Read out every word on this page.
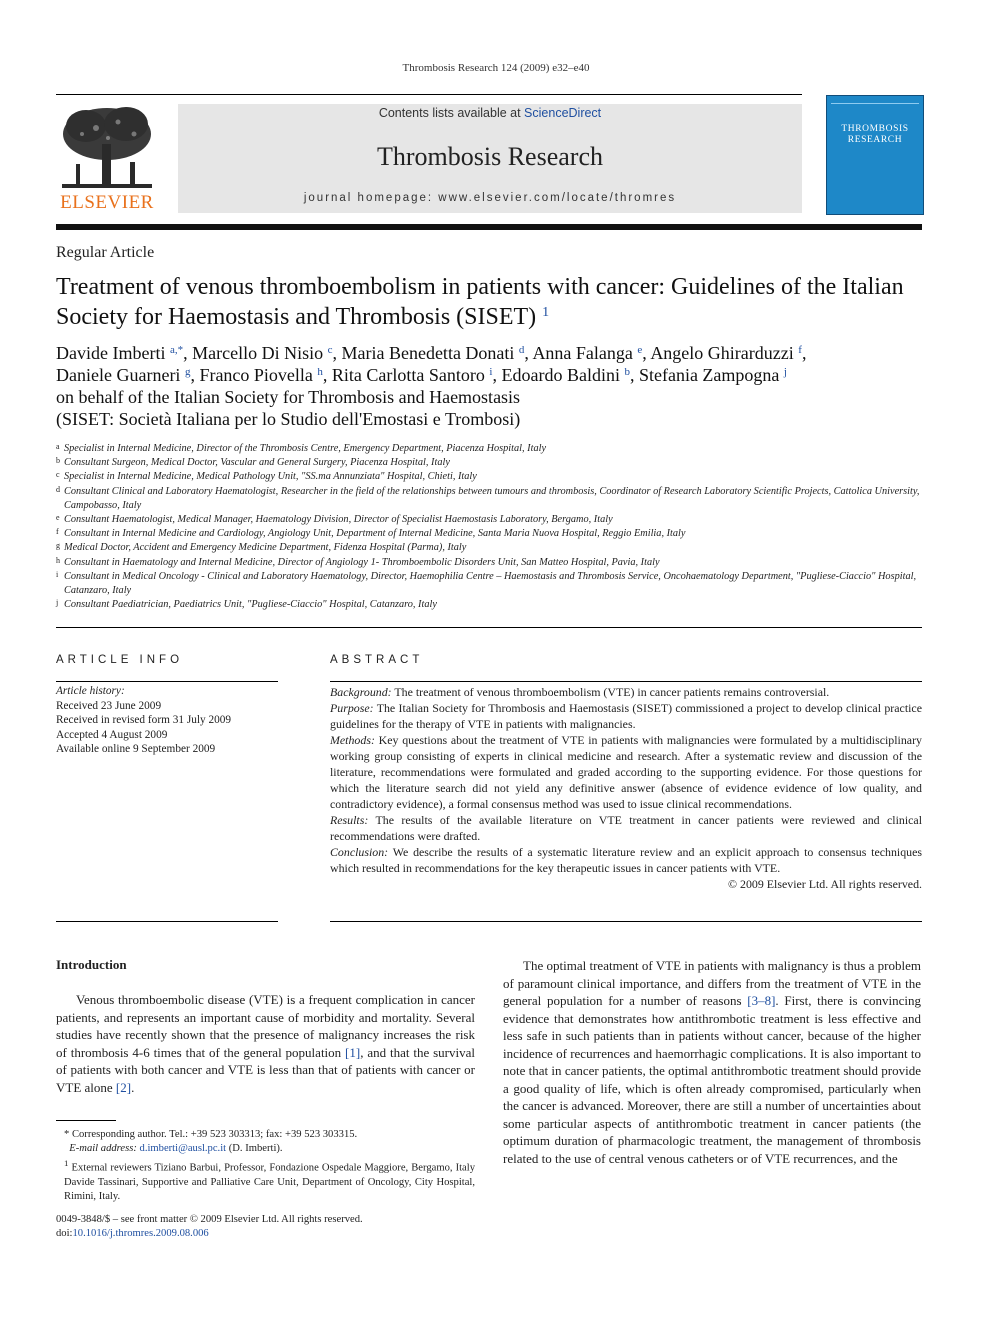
Thrombosis Research 124 (2009) e32–e40
ELSEVIER
Contents lists available at ScienceDirect
Thrombosis Research
journal homepage: www.elsevier.com/locate/thromres
THROMBOSIS
RESEARCH
Regular Article
Treatment of venous thromboembolism in patients with cancer: Guidelines of the Italian Society for Haemostasis and Thrombosis (SISET) $^1$
Davide Imberti $^{a,*}$, Marcello Di Nisio $^c$, Maria Benedetta Donati $^d$, Anna Falanga $^e$, Angelo Ghirarduzzi $^f$,
Daniele Guarneri $^g$, Franco Piovella $^h$, Rita Carlotta Santoro $^i$, Edoardo Baldini $^b$, Stefania Zampogna $^j$
on behalf of the Italian Society for Thrombosis and Haemostasis
(SISET: Società Italiana per lo Studio dell'Emostasi e Trombosi)
a Specialist in Internal Medicine, Director of the Thrombosis Centre, Emergency Department, Piacenza Hospital, Italy
b Consultant Surgeon, Medical Doctor, Vascular and General Surgery, Piacenza Hospital, Italy
c Specialist in Internal Medicine, Medical Pathology Unit, "SS.ma Annunziata" Hospital, Chieti, Italy
d Consultant Clinical and Laboratory Haematologist, Researcher in the field of the relationships between tumours and thrombosis, Coordinator of Research Laboratory Scientific Projects, Cattolica University, Campobasso, Italy
e Consultant Haematologist, Medical Manager, Haematology Division, Director of Specialist Haemostasis Laboratory, Bergamo, Italy
f Consultant in Internal Medicine and Cardiology, Angiology Unit, Department of Internal Medicine, Santa Maria Nuova Hospital, Reggio Emilia, Italy
g Medical Doctor, Accident and Emergency Medicine Department, Fidenza Hospital (Parma), Italy
h Consultant in Haematology and Internal Medicine, Director of Angiology 1- Thromboembolic Disorders Unit, San Matteo Hospital, Pavia, Italy
i Consultant in Medical Oncology - Clinical and Laboratory Haematology, Director, Haemophilia Centre – Haemostasis and Thrombosis Service, Oncohaematology Department, "Pugliese-Ciaccio" Hospital, Catanzaro, Italy
j Consultant Paediatrician, Paediatrics Unit, "Pugliese-Ciaccio" Hospital, Catanzaro, Italy
ARTICLE INFO
Article history:
Received 23 June 2009
Received in revised form 31 July 2009
Accepted 4 August 2009
Available online 9 September 2009
ABSTRACT

Background: The treatment of venous thromboembolism (VTE) in cancer patients remains controversial.

Purpose: The Italian Society for Thrombosis and Haemostasis (SISET) commissioned a project to develop clinical practice guidelines for the therapy of VTE in patients with malignancies.

Methods: Key questions about the treatment of VTE in patients with malignancies were formulated by a multidisciplinary working group consisting of experts in clinical medicine and research. After a systematic review and discussion of the literature, recommendations were formulated and graded according to the supporting evidence. For those questions for which the literature search did not yield any definitive answer (absence of evidence evidence of low quality, and contradictory evidence), a formal consensus method was used to issue clinical recommendations.

Results: The results of the available literature on VTE treatment in cancer patients were reviewed and clinical recommendations were drafted.

Conclusion: We describe the results of a systematic literature review and an explicit approach to consensus techniques which resulted in recommendations for the key therapeutic issues in cancer patients with VTE.

© 2009 Elsevier Ltd. All rights reserved.

Introduction

Venous thromboembolic disease (VTE) is a frequent complication in cancer patients, and represents an important cause of morbidity and mortality. Several studies have recently shown that the presence of malignancy increases the risk of thrombosis 4-6 times that of the general population [1], and that the survival of patients with both cancer and VTE is less than that of patients with cancer or VTE alone [2].

The optimal treatment of VTE in patients with malignancy is thus a problem of paramount clinical importance, and differs from the treatment of VTE in the general population for a number of reasons [3–8]. First, there is convincing evidence that demonstrates how antithrombotic treatment is less effective and less safe in such patients than in patients without cancer, because of the higher incidence of recurrences and haemorrhagic complications. It is also important to note that in cancer patients, the optimal antithrombotic treatment should provide a good quality of life, which is often already compromised, particularly when the cancer is advanced. Moreover, there are still a number of uncertainties about some particular aspects of antithrombotic treatment in cancer patients (the optimum duration of pharmacologic treatment, the management of thrombosis related to the use of central venous catheters or of VTE recurrences, and the

* Corresponding author. Tel.: +39 523 303313; fax: +39 523 303315.

E-mail address: d.imberti@ausl.pc.it (D. Imberti).

$^1$ External reviewers Tiziano Barbui, Professor, Fondazione Ospedale Maggiore, Bergamo, Italy Davide Tassinari, Supportive and Palliative Care Unit, Department of Oncology, City Hospital, Rimini, Italy.

0049-3848/$ – see front matter © 2009 Elsevier Ltd. All rights reserved.
doi:10.1016/j.thromres.2009.08.006
